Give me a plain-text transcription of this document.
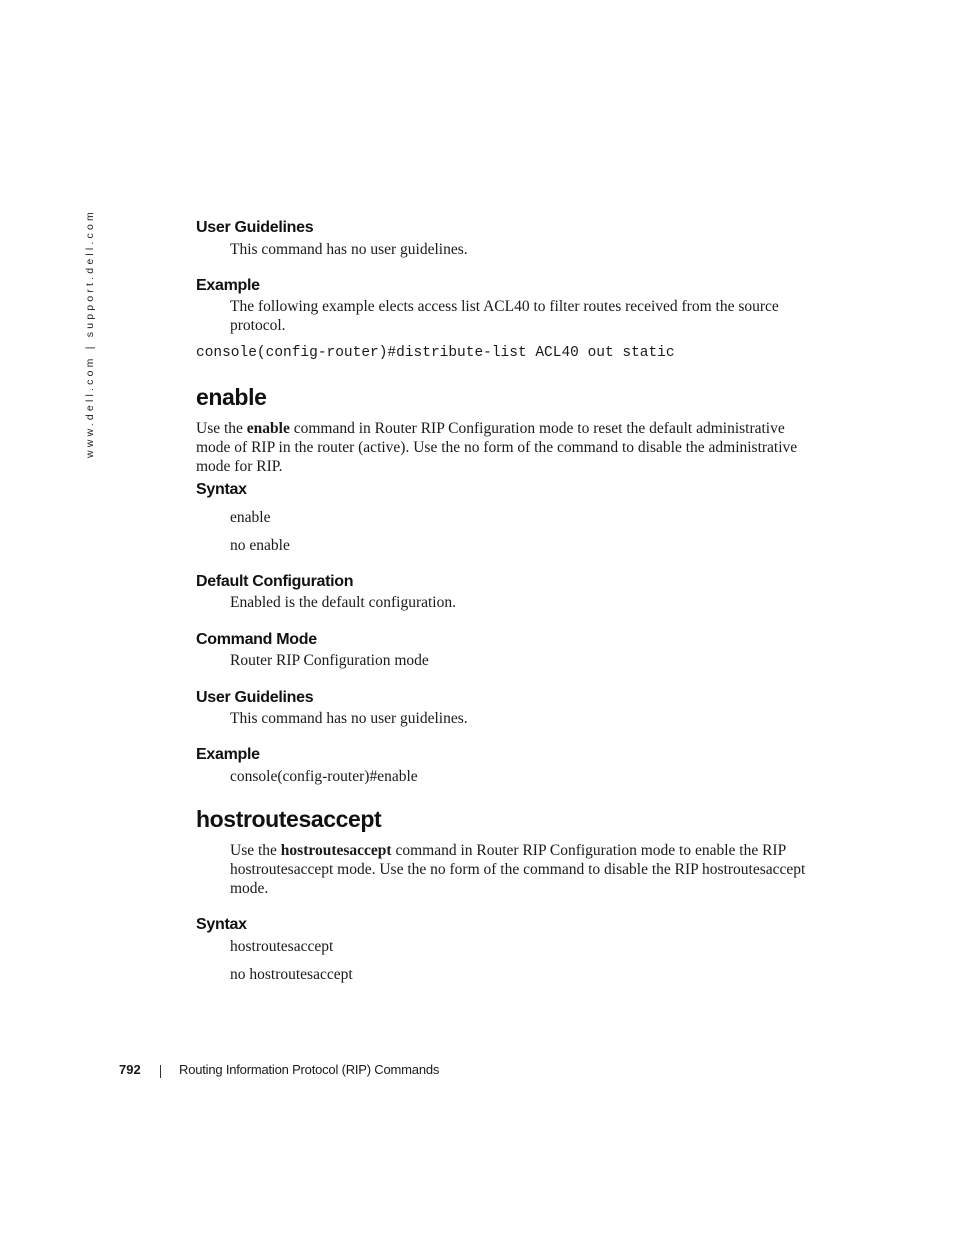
www.dell.com | support.dell.com	User Guidelines
This command has no user guidelines.
Example
The following example elects access list ACL40 to filter routes received from the source protocol.
console(config-router)#distribute-list ACL40 out static
enable
Use the enable command in Router RIP Configuration mode to reset the default administrative mode of RIP in the router (active). Use the no form of the command to disable the administrative mode for RIP.
Syntax
enable
no enable
Default Configuration
Enabled is the default configuration.
Command Mode
Router RIP Configuration mode
User Guidelines
This command has no user guidelines.
Example
console(config-router)#enable
hostroutesaccept
Use the hostroutesaccept command in Router RIP Configuration mode to enable the RIP hostroutesaccept mode. Use the no form of the command to disable the RIP hostroutesaccept mode.
Syntax
hostroutesaccept
no hostroutesaccept
792	Routing Information Protocol (RIP) Commands
